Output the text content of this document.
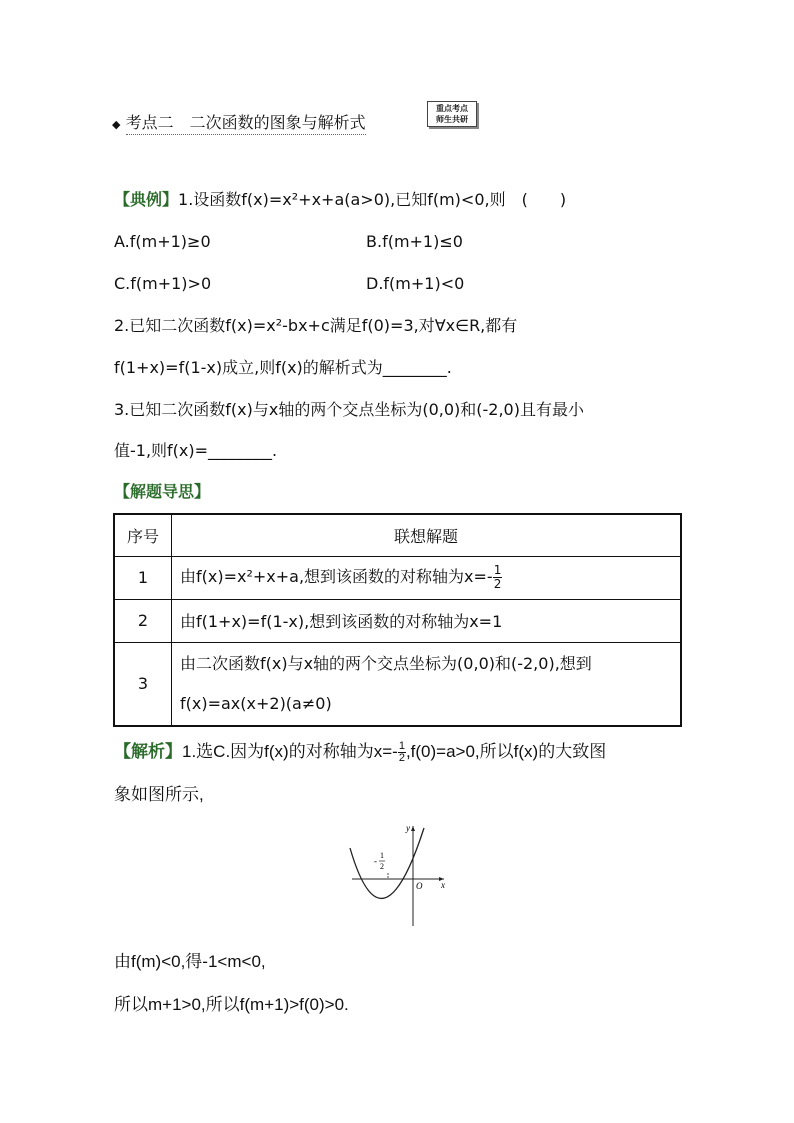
◆ 考点二　二次函数的图象与解析式
重点考点
师生共研
【典例】1.设函数f(x)=x²+x+a(a>0),已知f(m)<0,则　(　　)
A.f(m+1)≥0	B.f(m+1)≤0
C.f(m+1)>0	D.f(m+1)<0
2.已知二次函数f(x)=x²-bx+c满足f(0)=3,对∀x∈R,都有
f(1+x)=f(1-x)成立,则f(x)的解析式为________.
3.已知二次函数f(x)与x轴的两个交点坐标为(0,0)和(-2,0)且有最小
值-1,则f(x)=________.
【解题导思】
序号	联想解题
1	由f(x)=x²+x+a,想到该函数的对称轴为$x=- \frac{1}{2}$

2	由f(1+x)=f(1-x),想到该函数的对称轴为x=1
3	由二次函数f(x)与x轴的两个交点坐标为(0,0)和(-2,0),想到
f(x)=ax(x+2)(a≠0)
【解析】1.选C.因为f(x)的对称轴为$x=- \frac{1}{2} ,f(0)=a>0$,所以f(x)的大致图
象如图所示,
y
x
O
-
1
2
由f(m)<0,得-1<m<0,
所以m+1>0,所以f(m+1)>f(0)>0.
